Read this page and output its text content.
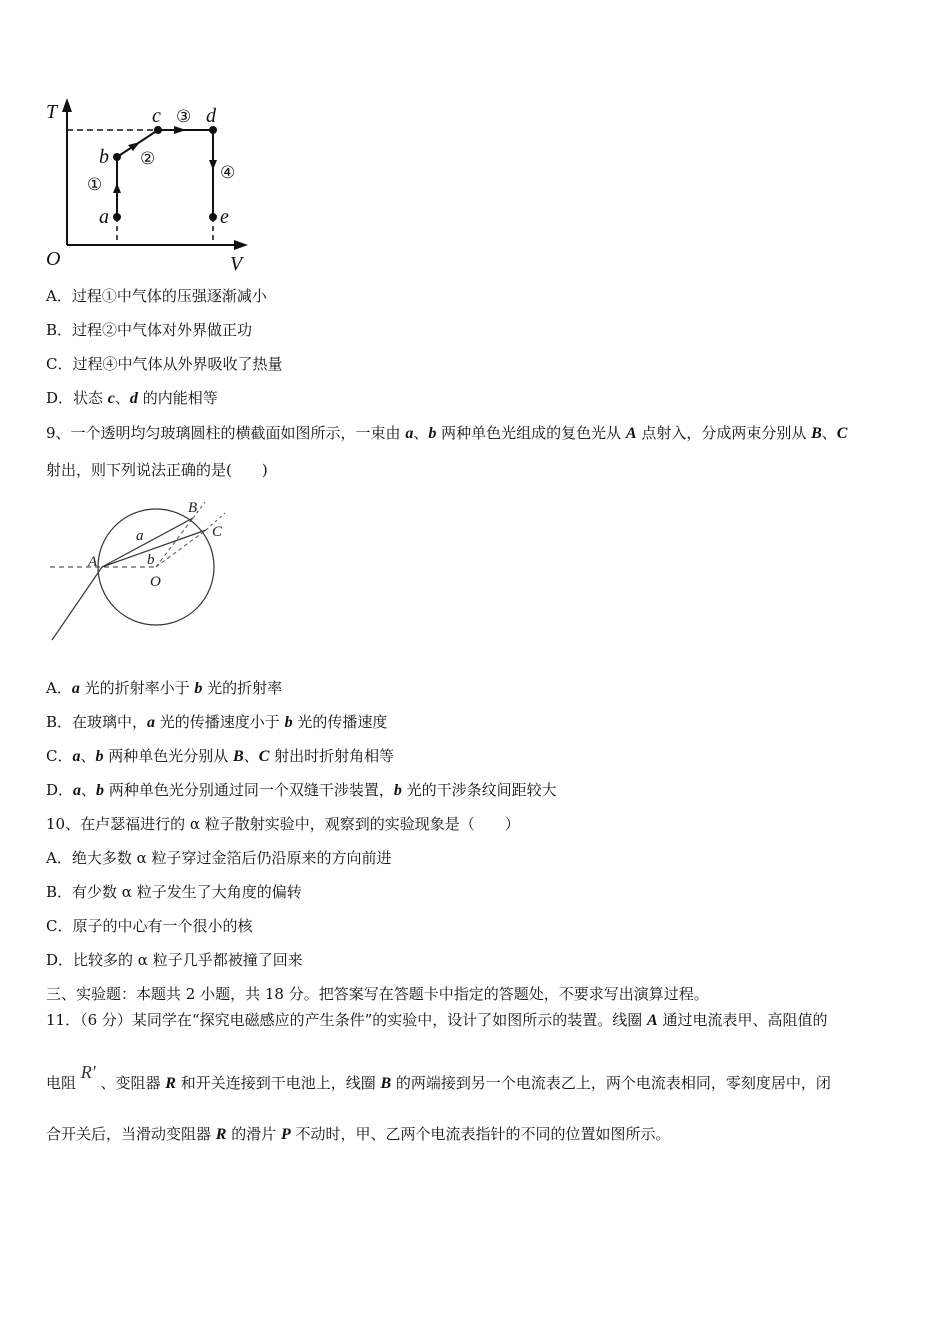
T
O	V
a
b
c d
e
①
②
③
④
A
B
C
O
a
b
A．过程①中气体的压强逐渐减小
B．过程②中气体对外界做正功
C．过程④中气体从外界吸收了热量
D．状态 c、d 的内能相等
9、一个透明均匀玻璃圆柱的横截面如图所示，一束由 a、b 两种单色光组成的复色光从 A 点射入，分成两束分别从 B、C
射出，则下列说法正确的是(　　)
A．a 光的折射率小于 b 光的折射率
B．在玻璃中，a 光的传播速度小于 b 光的传播速度
C．a、b 两种单色光分别从 B、C 射出时折射角相等
D．a、b 两种单色光分别通过同一个双缝干涉装置，b 光的干涉条纹间距较大
10、在卢瑟福进行的 α 粒子散射实验中，观察到的实验现象是（　　）
A．绝大多数 α 粒子穿过金箔后仍沿原来的方向前进
B．有少数 α 粒子发生了大角度的偏转
C．原子的中心有一个很小的核
D．比较多的 α 粒子几乎都被撞了回来
三、实验题：本题共 2 小题，共 18 分。把答案写在答题卡中指定的答题处，不要求写出演算过程。
11．（6 分）某同学在“探究电磁感应的产生条件”的实验中，设计了如图所示的装置。线圈 A 通过电流表甲、高阻值的
电阻 R′ 、变阻器 R 和开关连接到干电池上，线圈 B 的两端接到另一个电流表乙上，两个电流表相同，零刻度居中，闭
合开关后，当滑动变阻器 R 的滑片 P 不动时，甲、乙两个电流表指针的不同的位置如图所示。
